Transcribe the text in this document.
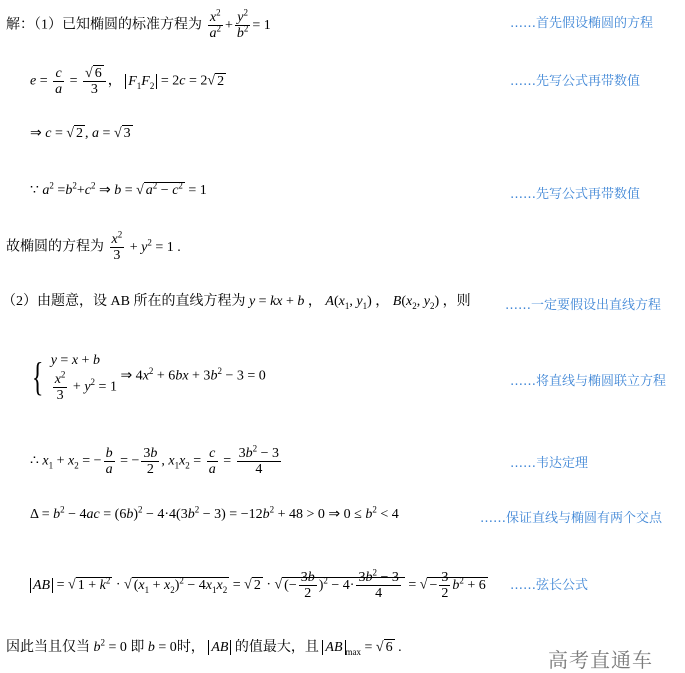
解：（1）已知椭圆的标准方程为 $\frac{x^2}{a^2} + \frac{y^2}{b^2} = 1$	……首先假设椭圆的方程
$e = \frac{c}{a} = \frac{√ 6}{3}$ ， $F_1F_2 = 2c = 2√$ 2	……先写公式再带数值
⇒ c = √ 2 , a = √ 3
∵ $a^2 =b^2+c^2$ ⇒ b = √ $a^2 - c^2 = 1$	……先写公式再带数值
故椭圆的方程为 $\frac{x^2}{3} + y^2 = 1$ .
（2）由题意，设 AB 所在的直线方程为 y = kx + b ， $A(x_1$, $y_1$) ， $B(x_2$, $y_2$) ，则	……一定要假设出直线方程
{ y = x + b
$\frac{x^2}{3} + y^2 = 1$
⇒ $4x^2 + 6bx + 3b^2 - 3 = 0$	……将直线与椭圆联立方程
∴ $x_1 + x_2$ = − $\frac{b}{a}$ = − $\frac{3b}{2}$ , $x_1x_2 = \frac{c}{a} = \frac{3b^2 - 3}{4}$	……韦达定理
$\Delta = b^2 - 4ac = (6b)^2 - 4\cdot 4(3b^2 - 3) = -12b^2 + 48 > 0$ ⇒ $0 \le b^2 < 4$	……保证直线与椭圆有两个交点
AB = √ $1 + k^2$ · √ $(x_1 + x_2)^2 - 4x_1x_2$ = √ 2 · √ (− $\frac{3b}{2} )^2 - 4\cdot \frac{3b^2 - 3}{4}$ = √ − $\frac{3}{2} b^2 + 6$ ……弦长公式
因此当且仅当 $b^2 = 0$ 即 b = 0时， AB 的值最大，且 AB $_{max}$ = √ 6 .
高考直通车
